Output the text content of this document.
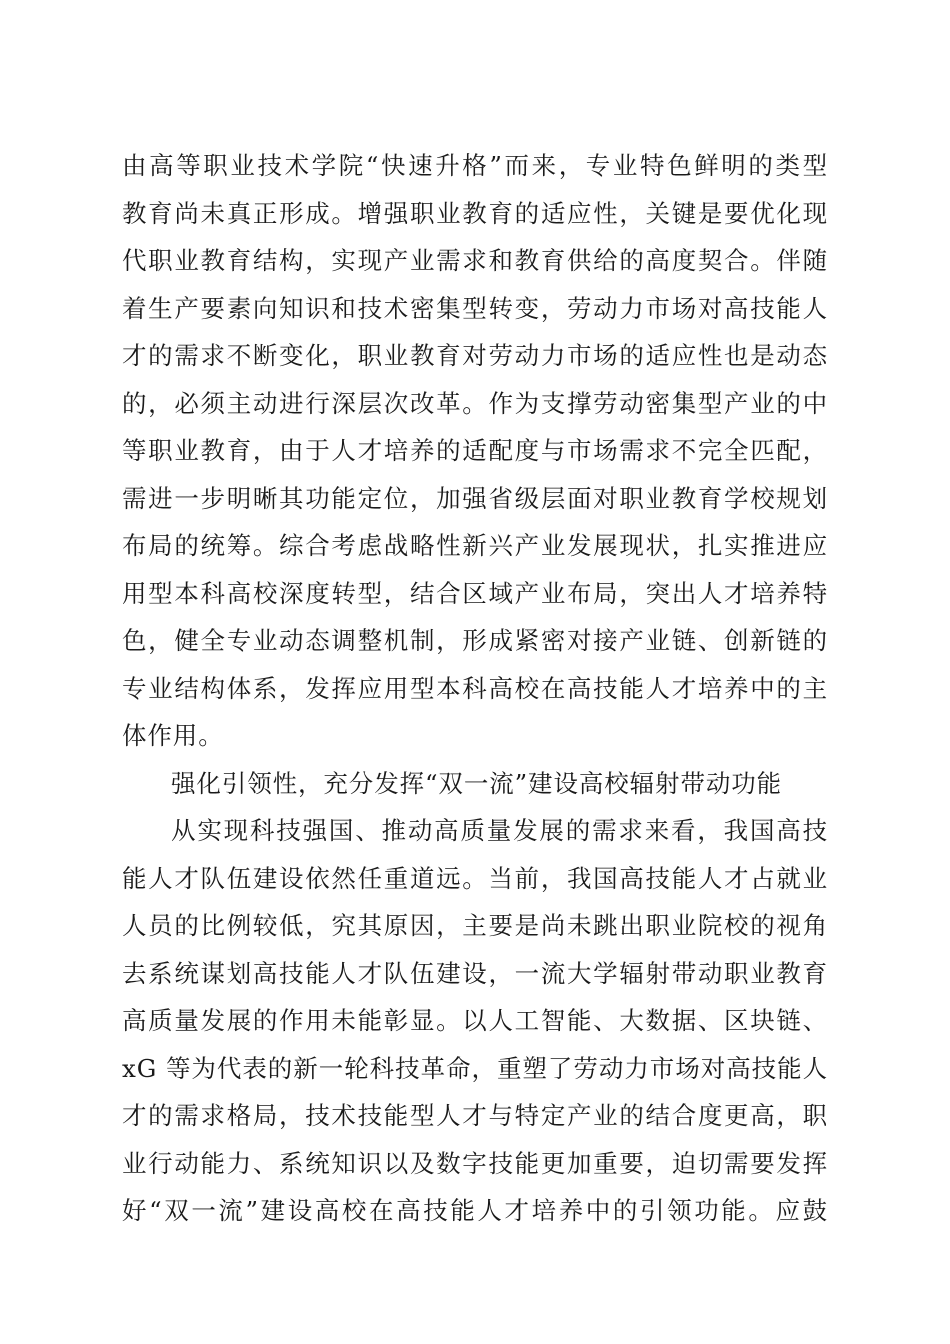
由高等职业技术学院“快速升格”而来，专业特色鲜明的类型
教育尚未真正形成。增强职业教育的适应性，关键是要优化现
代职业教育结构，实现产业需求和教育供给的高度契合。伴随
着生产要素向知识和技术密集型转变，劳动力市场对高技能人
才的需求不断变化，职业教育对劳动力市场的适应性也是动态
的，必须主动进行深层次改革。作为支撑劳动密集型产业的中
等职业教育，由于人才培养的适配度与市场需求不完全匹配，
需进一步明晰其功能定位，加强省级层面对职业教育学校规划
布局的统筹。综合考虑战略性新兴产业发展现状，扎实推进应
用型本科高校深度转型，结合区域产业布局，突出人才培养特
色，健全专业动态调整机制，形成紧密对接产业链、创新链的
专业结构体系，发挥应用型本科高校在高技能人才培养中的主
体作用。
强化引领性，充分发挥“双一流”建设高校辐射带动功能
从实现科技强国、推动高质量发展的需求来看，我国高技
能人才队伍建设依然任重道远。当前，我国高技能人才占就业
人员的比例较低，究其原因，主要是尚未跳出职业院校的视角
去系统谋划高技能人才队伍建设，一流大学辐射带动职业教育
高质量发展的作用未能彰显。以人工智能、大数据、区块链、
xG 等为代表的新一轮科技革命，重塑了劳动力市场对高技能人
才的需求格局，技术技能型人才与特定产业的结合度更高，职
业行动能力、系统知识以及数字技能更加重要，迫切需要发挥
好“双一流”建设高校在高技能人才培养中的引领功能。应鼓
